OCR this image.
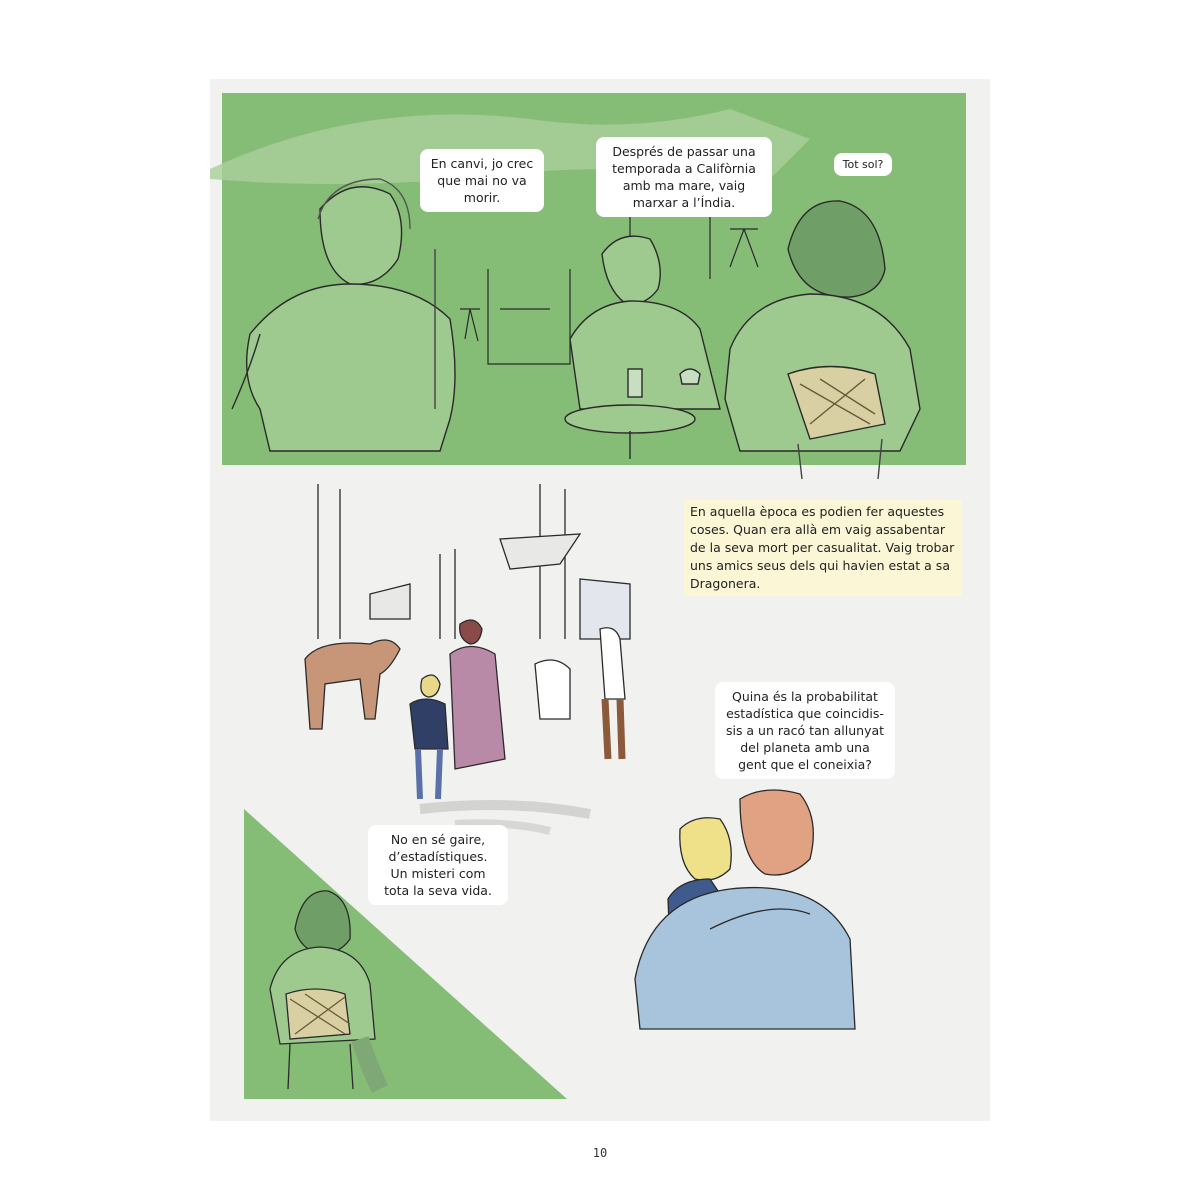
En canvi, jo crec que mai no va morir.
Després de passar una temporada a Califòrnia amb ma mare, vaig marxar a l’Índia.
Tot sol?
En aquella època es podien fer aquestes coses. Quan era allà em vaig assabentar de la seva mort per casualitat. Vaig trobar uns amics seus dels qui havien estat a sa Dragonera.
Quina és la probabilitat estadística que coincidis-sis a un racó tan allunyat del planeta amb una gent que el coneixia?
No en sé gaire, d’estadístiques. Un misteri com tota la seva vida.
10
